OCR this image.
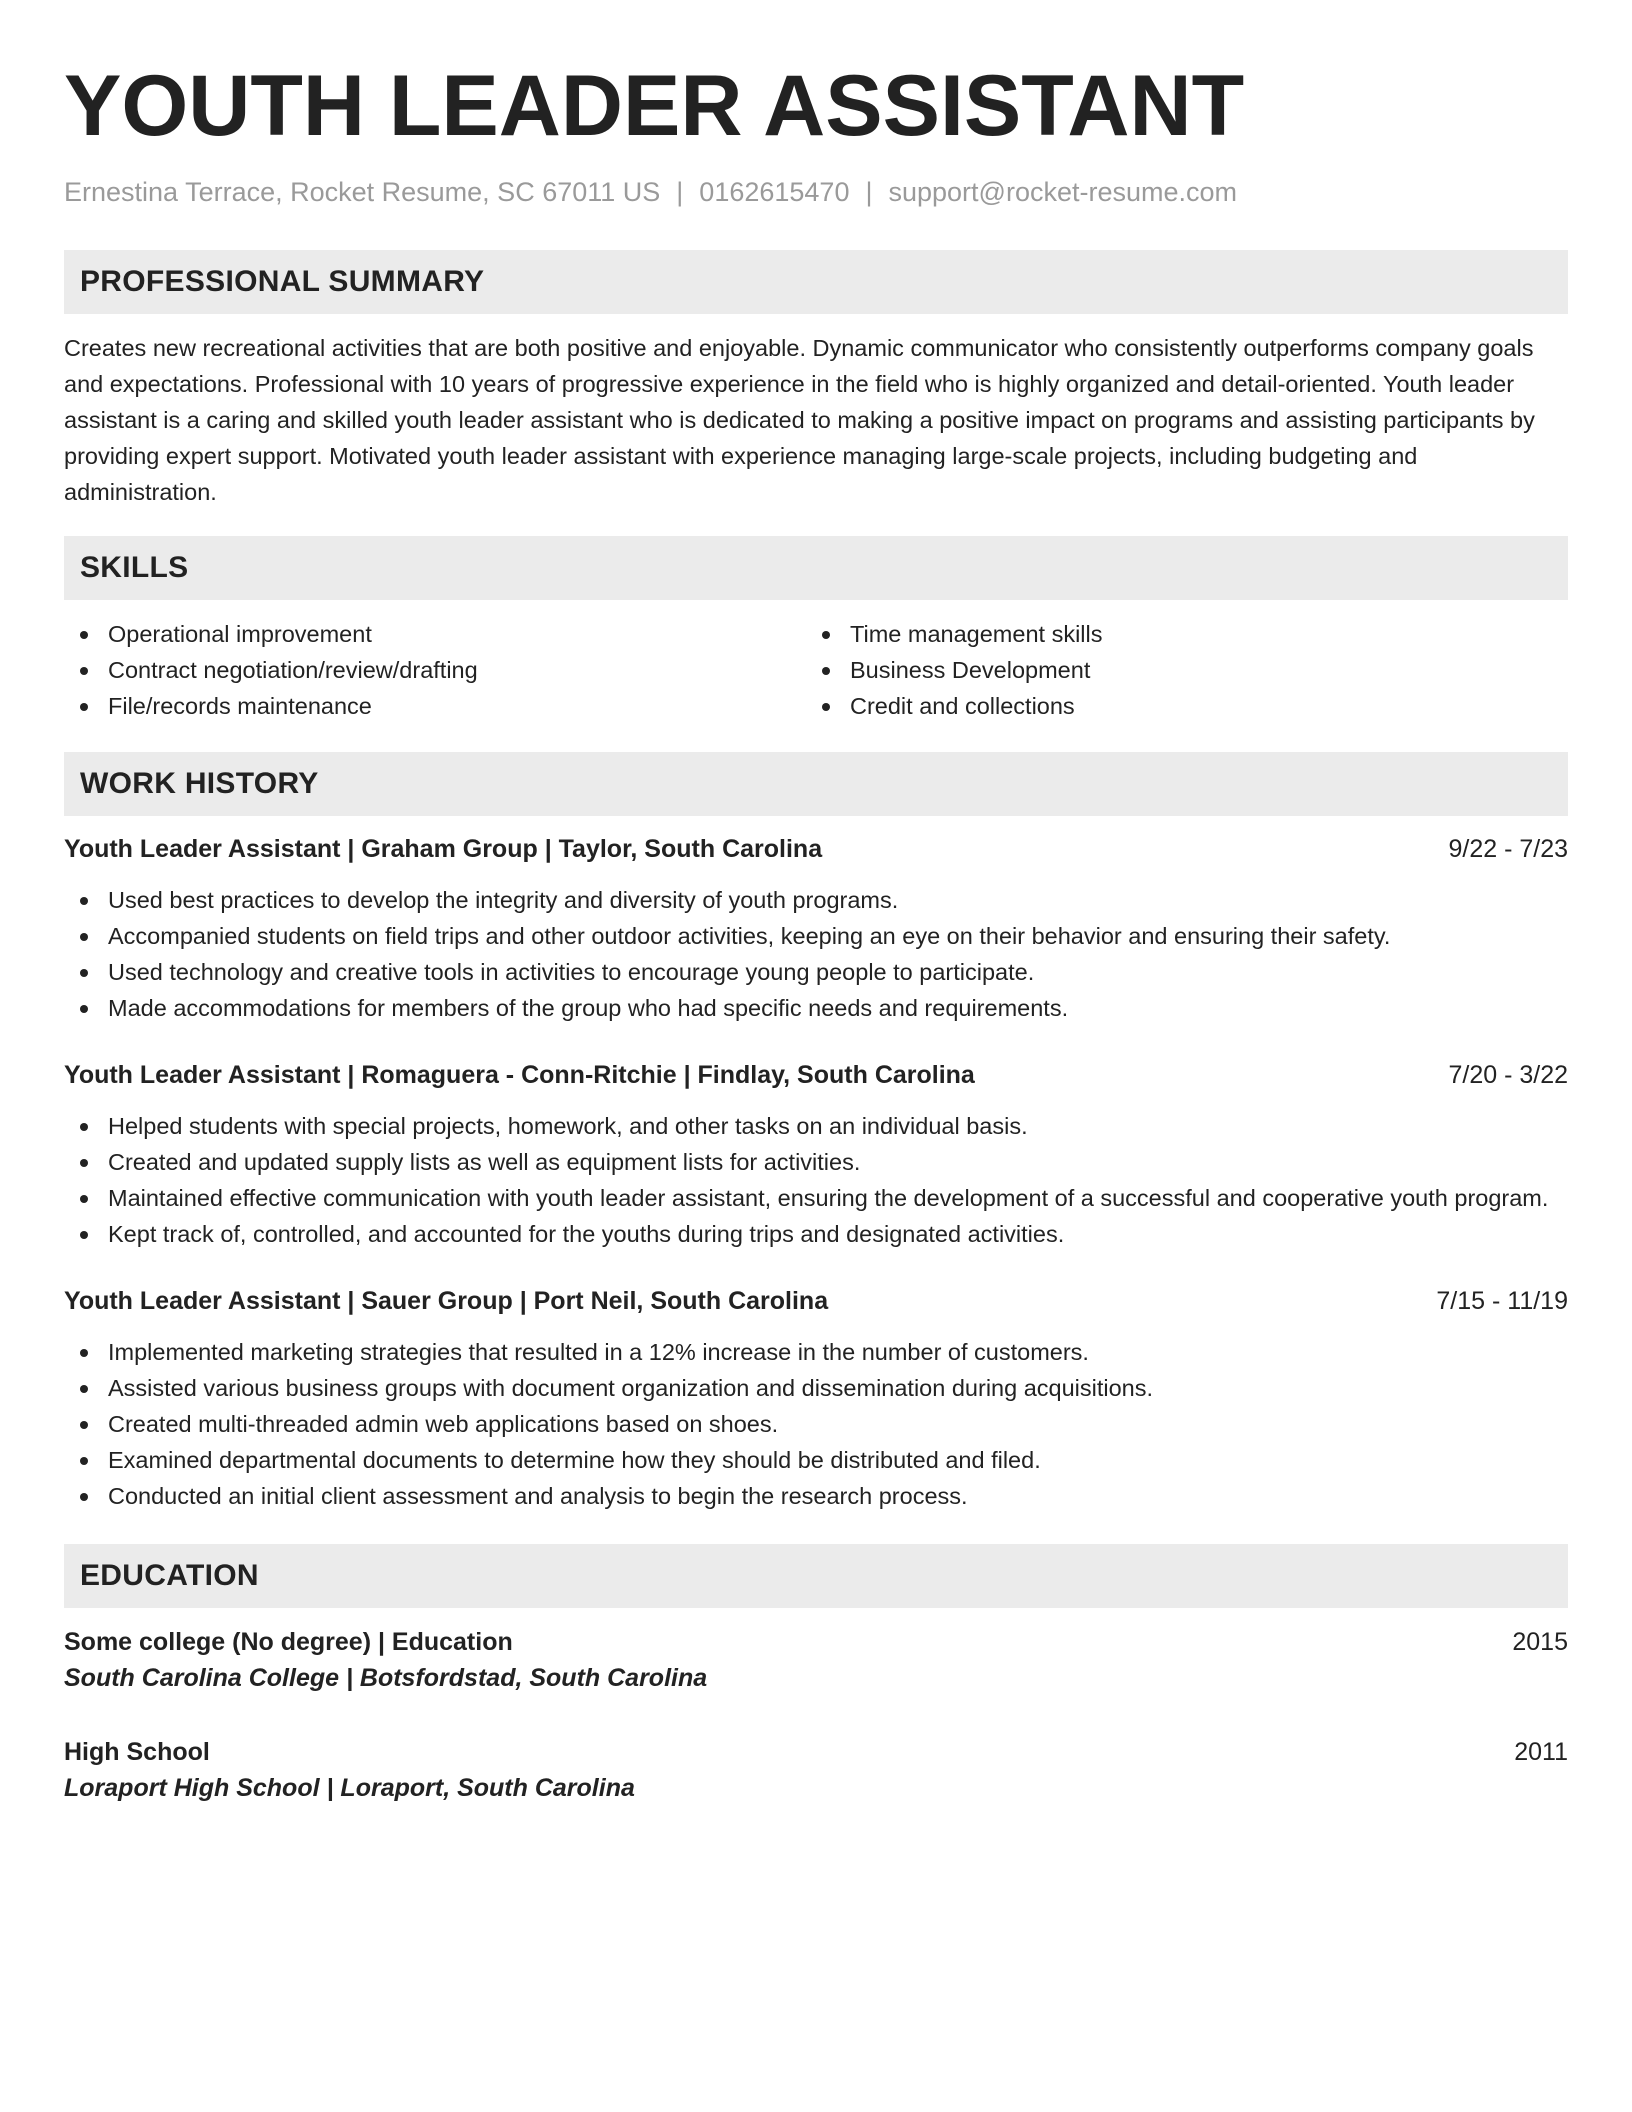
YOUTH LEADER ASSISTANT
Ernestina Terrace, Rocket Resume, SC 67011 US | 0162615470 | support@rocket-resume.com
PROFESSIONAL SUMMARY

Creates new recreational activities that are both positive and enjoyable. Dynamic communicator who consistently outperforms company goals and expectations. Professional with 10 years of progressive experience in the field who is highly organized and detail-oriented. Youth leader assistant is a caring and skilled youth leader assistant who is dedicated to making a positive impact on programs and assisting participants by providing expert support. Motivated youth leader assistant with experience managing large-scale projects, including budgeting and administration.

SKILLS
Operational improvement
Contract negotiation/review/drafting
File/records maintenance
Time management skills
Business Development
Credit and collections
WORK HISTORY
Youth Leader Assistant | Graham Group | Taylor, South Carolina	9/22 - 7/23
Used best practices to develop the integrity and diversity of youth programs.
Accompanied students on field trips and other outdoor activities, keeping an eye on their behavior and ensuring their safety.
Used technology and creative tools in activities to encourage young people to participate.
Made accommodations for members of the group who had specific needs and requirements.
Youth Leader Assistant | Romaguera - Conn-Ritchie | Findlay, South Carolina	7/20 - 3/22
Helped students with special projects, homework, and other tasks on an individual basis.
Created and updated supply lists as well as equipment lists for activities.
Maintained effective communication with youth leader assistant, ensuring the development of a successful and cooperative youth program.
Kept track of, controlled, and accounted for the youths during trips and designated activities.
Youth Leader Assistant | Sauer Group | Port Neil, South Carolina	7/15 - 11/19
Implemented marketing strategies that resulted in a 12% increase in the number of customers.
Assisted various business groups with document organization and dissemination during acquisitions.
Created multi-threaded admin web applications based on shoes.
Examined departmental documents to determine how they should be distributed and filed.
Conducted an initial client assessment and analysis to begin the research process.
EDUCATION
Some college (No degree) | Education	2015
South Carolina College | Botsfordstad, South Carolina
High School	2011
Loraport High School | Loraport, South Carolina
